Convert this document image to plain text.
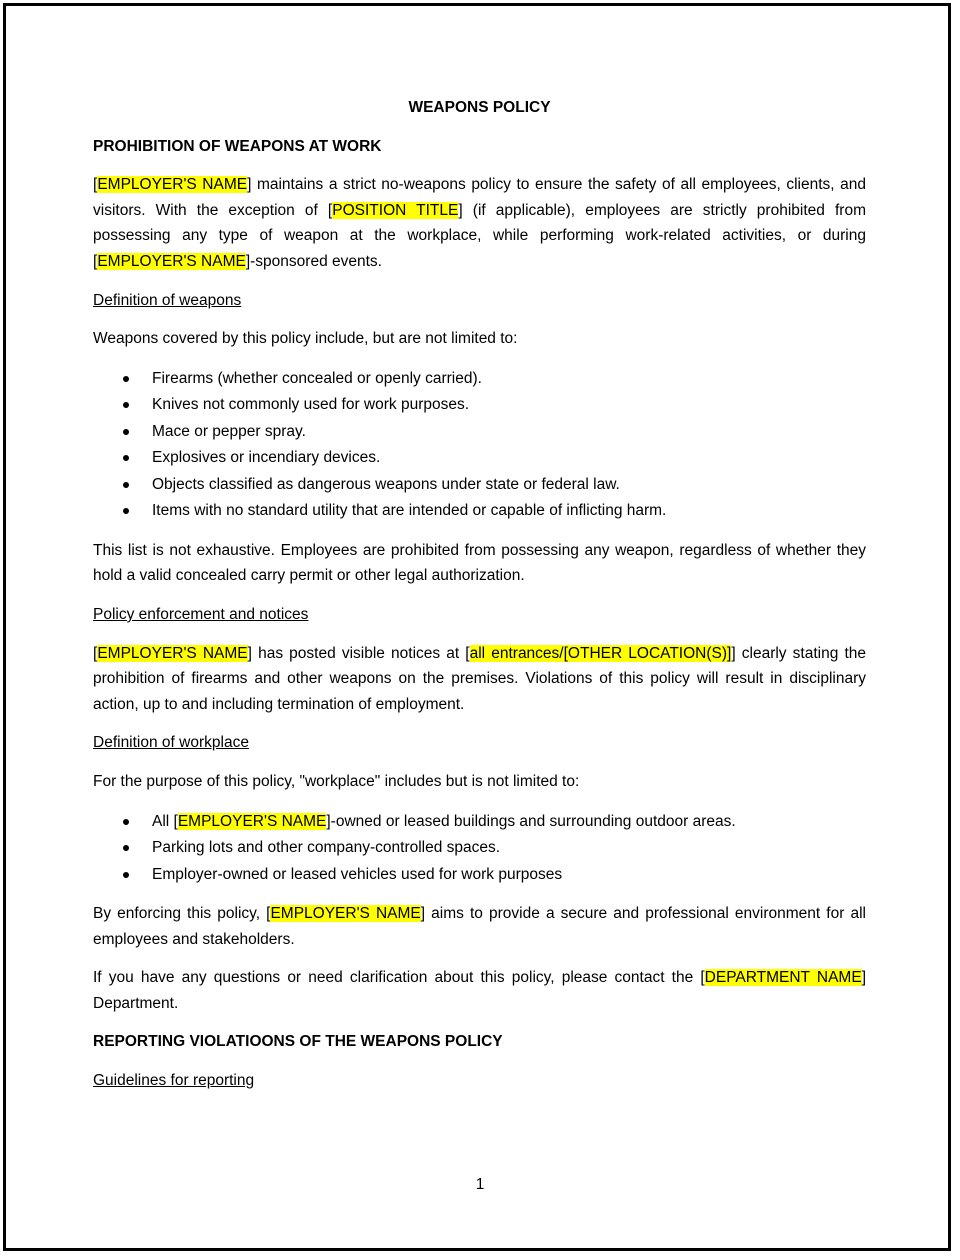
WEAPONS POLICY

PROHIBITION OF WEAPONS AT WORK

[EMPLOYER'S NAME] maintains a strict no-weapons policy to ensure the safety of all employees, clients, and visitors. With the exception of [POSITION TITLE] (if applicable), employees are strictly prohibited from possessing any type of weapon at the workplace, while performing work-related activities, or during [EMPLOYER'S NAME]-sponsored events.

Definition of weapons

Weapons covered by this policy include, but are not limited to:

Firearms (whether concealed or openly carried).
Knives not commonly used for work purposes.
Mace or pepper spray.
Explosives or incendiary devices.
Objects classified as dangerous weapons under state or federal law.
Items with no standard utility that are intended or capable of inflicting harm.

This list is not exhaustive. Employees are prohibited from possessing any weapon, regardless of whether they hold a valid concealed carry permit or other legal authorization.

Policy enforcement and notices

[EMPLOYER'S NAME] has posted visible notices at [all entrances/[OTHER LOCATION(S)]] clearly stating the prohibition of firearms and other weapons on the premises. Violations of this policy will result in disciplinary action, up to and including termination of employment.

Definition of workplace

For the purpose of this policy, "workplace" includes but is not limited to:

All [EMPLOYER'S NAME]-owned or leased buildings and surrounding outdoor areas.
Parking lots and other company-controlled spaces.
Employer-owned or leased vehicles used for work purposes

By enforcing this policy, [EMPLOYER'S NAME] aims to provide a secure and professional environment for all employees and stakeholders.

If you have any questions or need clarification about this policy, please contact the [DEPARTMENT NAME] Department.

REPORTING VIOLATIOONS OF THE WEAPONS POLICY

Guidelines for reporting

1
